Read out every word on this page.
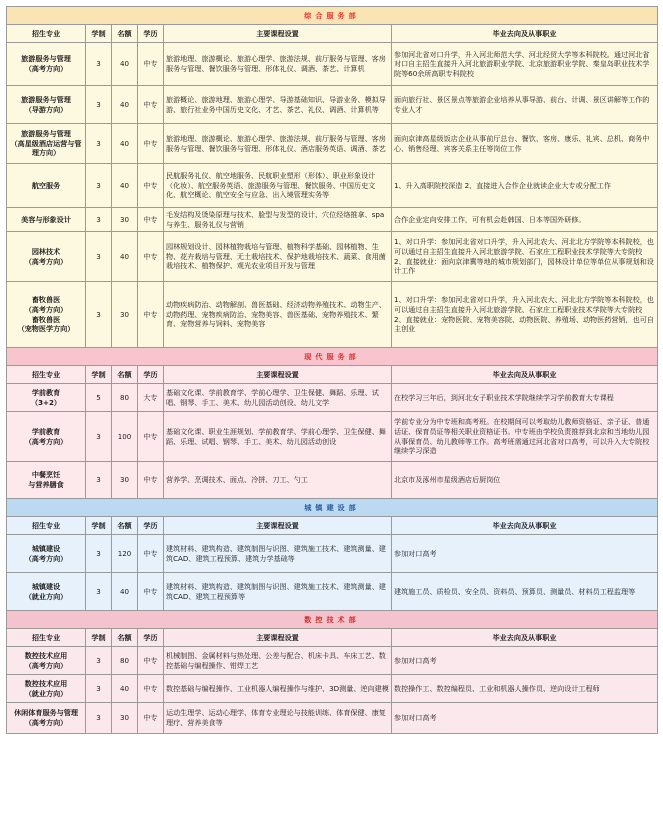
综合服务部					
招生专业	学制	名额	学历	主要课程设置	毕业去向及从事职业
旅游服务与管理
（高考方向）	3	40	中专	旅游地理、旅游概论、旅游心理学、旅游法规、前厅服务与管理、客房服务与管理、餐饮服务与管理、形体礼仪、调酒、茶艺、计算机	参加河北省对口升学，升入河北师范大学、河北经贸大学等本科院校。通过河北省对口自主招生直接升入河北旅游职业学院、北京旅游职业学院、秦皇岛职业技术学院等60余所高职专科院校
旅游服务与管理
（导游方向）	3	40	中专	旅游概论、旅游地理、旅游心理学、导游基础知识、导游业务、模拟导游、旅行社业务中国历史文化、才艺、茶艺、礼仪、调酒、计算机等	面向旅行社、景区景点等旅游企业培养从事导游、前台、计调、景区讲解等工作的专业人才
旅游服务与管理
（高星级酒店运营与管理方向）	3	40	中专	旅游地理、旅游概论、旅游心理学、旅游法规、前厅服务与管理、客房服务与管理、餐饮服务与管理、形体礼仪、酒店服务英语、调酒、茶艺	面向京津高星级饭店企业从事前厅总台、餐饮、客房、康乐、礼宾、总机、商务中心、销售经理、宾客关系主任等岗位工作
航空服务	3	40	中专	民航服务礼仪、航空地服务、民航职业塑形（形体）、职业形象设计（化妆）、航空服务英语、旅游服务与管理、餐饮服务、中国历史文化、航空概论、航空安全与应急、出入境管理实务等	1、升入高职院校深造 2、直接进入合作企业就读企业大专或分配工作
美容与形象设计	3	30	中专	毛发结构及烫染原理与技术、脸型与发型的设计、穴位经络推拿、spa与养生、服务礼仪与营销	合作企业定向安排工作，可有机会赴韩国、日本等国外研修。
园林技术
（高考方向）	3	40	中专	园林规划设计、园林植物栽培与管理、植物科学基础、园林植物、生物、花卉栽培与管理、无土栽培技术、保护地栽培技术、蔬菜、食用菌栽培技术、植物保护、观光农业项目开发与管理	1、对口升学：参加河北省对口升学，升入河北农大、河北北方学院等本科院校，也可以通过自主招生直接升入河北旅游学院、石家庄工程职业技术学院等大专院校
2、直接就业：面向京津冀等地的城市规划部门，园林设计单位等单位从事规划和设计工作
畜牧兽医
（高考方向）
畜牧兽医
（宠物医学方向）	3	30	中专	动物疾病防治、动物解剖、兽医基础、经济动物养殖技术、动物生产、动物药理、宠物疾病防治、宠物美容、兽医基础、宠物养殖技术、繁育、宠物营养与饲料、宠物美容	1、对口升学：参加河北省对口升学，升入河北农大、河北北方学院等本科院校，也可以通过自主招生直接升入河北旅游学院、石家庄工程职业技术学院等大专院校
2、直接就业：宠物医院、宠物美容院、动物医院、养殖场、动物医药营销，也可自主创业
现代服务部					
招生专业	学制	名额	学历	主要课程设置	毕业去向及从事职业
学前教育
（3+2）	5	80	大专	基础文化课、学前教育学、学前心理学、卫生保健、舞蹈、乐理、试唱、钢琴、手工、美术、幼儿园活动创设、幼儿文学	在校学习三年后，到河北女子职业技术学院继续学习学前教育大专课程
学前教育
（高考方向）	3	100	中专	基础文化课、职业生涯规划、学前教育学、学前心理学、卫生保健、舞蹈、乐理、试唱、钢琴、手工、美术、幼儿园活动创设	学前专业分为中专班和高考班。在校期间可以考取幼儿教师资格证、亲子证、普通话证、保育员证等相关职业资格证书。中专班由学校负责推荐到北京和当地幼儿园从事保育员、幼儿教师等工作。高考班需通过河北省对口高考，可以升入大专院校继续学习深造
中餐烹饪
与营养膳食	3	30	中专	营养学、烹调技术、面点、冷拼、刀工、勺工	北京市及涿州市星级酒店后厨岗位
城镇建设部					
招生专业	学制	名额	学历	主要课程设置	毕业去向及从事职业
城镇建设
（高考方向）	3	120	中专	建筑材料、建筑构造、建筑制图与识图、建筑施工技术、建筑测量、建筑CAD、建筑工程预算、建筑力学基础等	参加对口高考
城镇建设
（就业方向）	3	40	中专	建筑材料、建筑构造、建筑制图与识图、建筑施工技术、建筑测量、建筑CAD、建筑工程预算等	建筑施工员、质检员、安全员、资料员、预算员、测量员、材料员工程监理等
数控技术部					
招生专业	学制	名额	学历	主要课程设置	毕业去向及从事职业
数控技术应用
（高考方向）	3	80	中专	机械制图、金属材料与热处理、公差与配合、机床卡具、车床工艺、数控基础与编程操作、钳焊工艺	参加对口高考
数控技术应用
（就业方向）	3	40	中专	数控基础与编程操作、工业机器人编程操作与维护、3D测量、逆向建模	数控操作工、数控编程员、工业和机器人操作员、逆向设计工程师
休闲体育服务与管理
（高考方向）	3	30	中专	运动生理学、运动心理学、体育专业理论与技能训练、体育保健、康复理疗、营养美食等	参加对口高考
